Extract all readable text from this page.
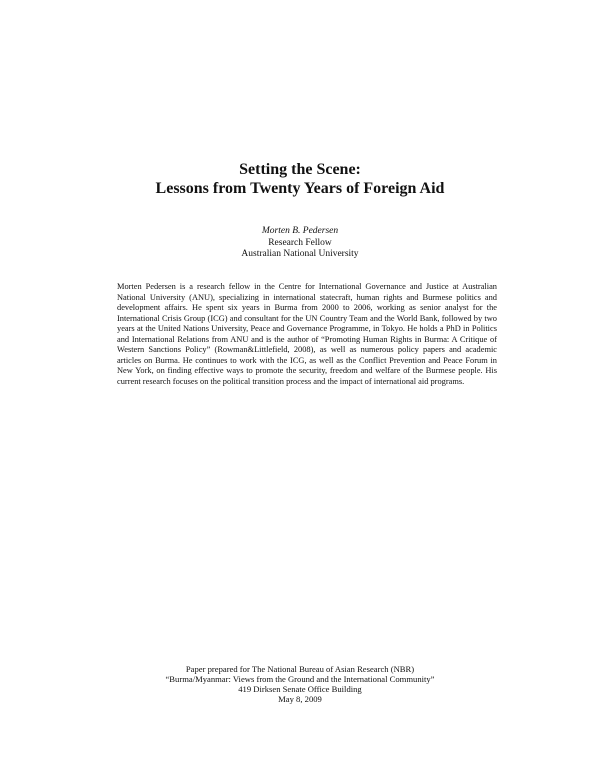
Setting the Scene:
Lessons from Twenty Years of Foreign Aid
Morten B. Pedersen
Research Fellow
Australian National University

Morten Pedersen is a research fellow in the Centre for International Governance and Justice at Australian National University (ANU), specializing in international statecraft, human rights and Burmese politics and development affairs. He spent six years in Burma from 2000 to 2006, working as senior analyst for the International Crisis Group (ICG) and consultant for the UN Country Team and the World Bank, followed by two years at the United Nations University, Peace and Governance Programme, in Tokyo. He holds a PhD in Politics and International Relations from ANU and is the author of “Promoting Human Rights in Burma: A Critique of Western Sanctions Policy” (Rowman&Littlefield, 2008), as well as numerous policy papers and academic articles on Burma. He continues to work with the ICG, as well as the Conflict Prevention and Peace Forum in New York, on finding effective ways to promote the security, freedom and welfare of the Burmese people. His current research focuses on the political transition process and the impact of international aid programs.

Paper prepared for The National Bureau of Asian Research (NBR)
“Burma/Myanmar: Views from the Ground and the International Community”
419 Dirksen Senate Office Building
May 8, 2009
